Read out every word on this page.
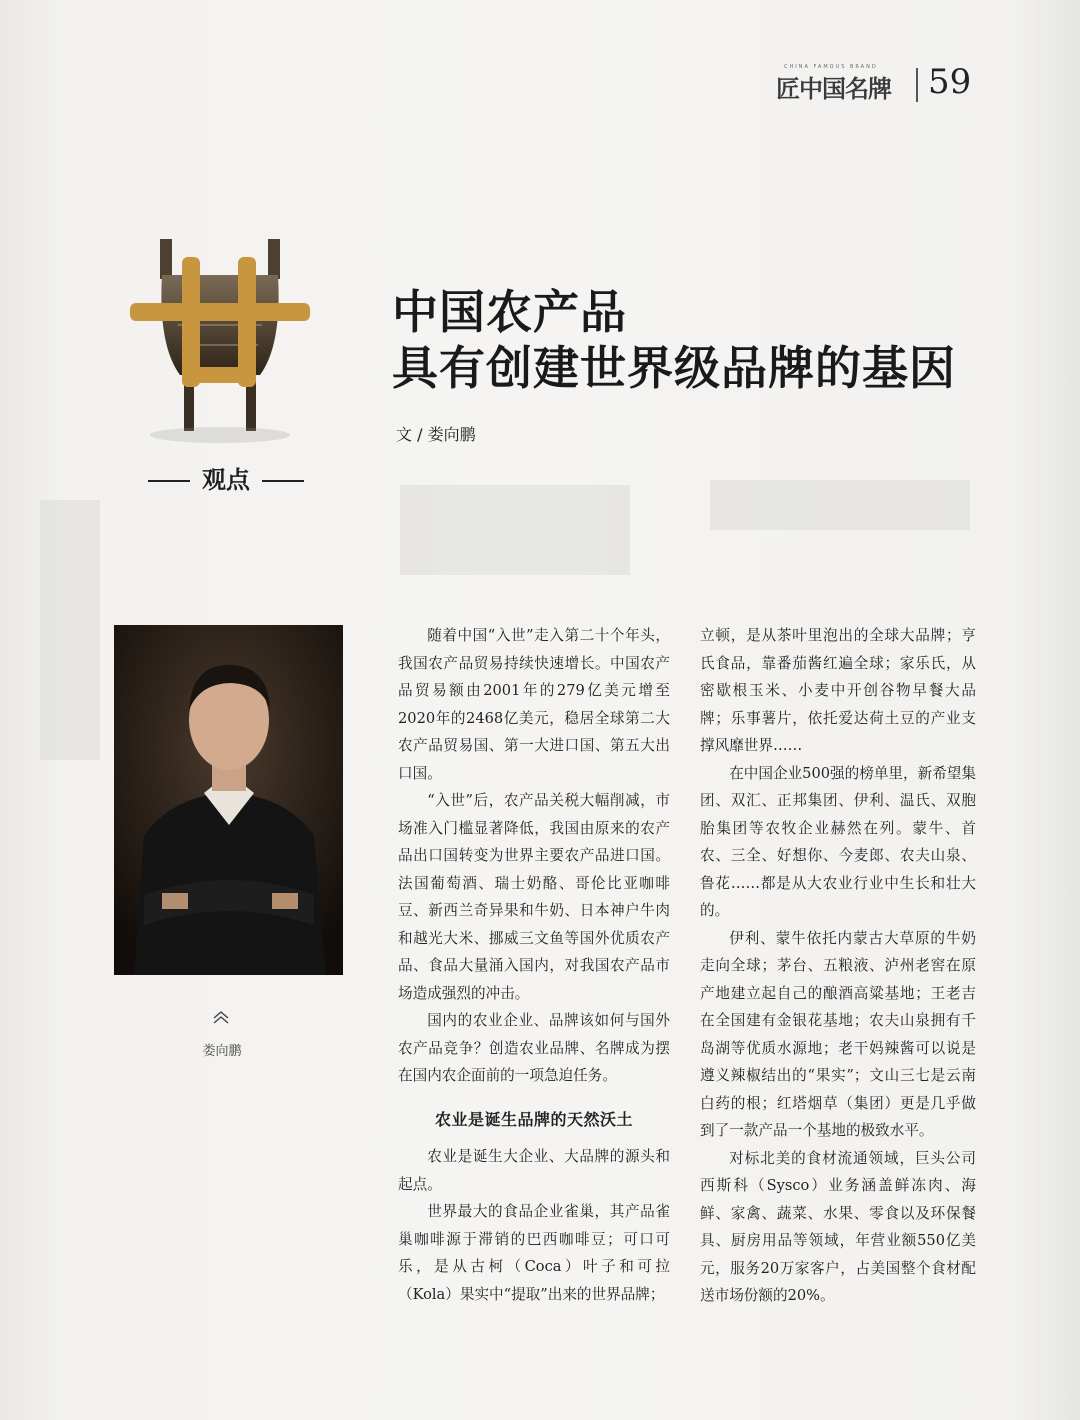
CHINA FAMOUS BRAND
匠中国名牌 59
观点
中国农产品
具有创建世界级品牌的基因
文 / 娄向鹏
娄向鹏

随着中国“入世”走入第二十个年头，我国农产品贸易持续快速增长。中国农产品贸易额由2001年的279亿美元增至2020年的2468亿美元，稳居全球第二大农产品贸易国、第一大进口国、第五大出口国。

“入世”后，农产品关税大幅削减，市场准入门槛显著降低，我国由原来的农产品出口国转变为世界主要农产品进口国。法国葡萄酒、瑞士奶酪、哥伦比亚咖啡豆、新西兰奇异果和牛奶、日本神户牛肉和越光大米、挪威三文鱼等国外优质农产品、食品大量涌入国内，对我国农产品市场造成强烈的冲击。

国内的农业企业、品牌该如何与国外农产品竞争？创造农业品牌、名牌成为摆在国内农企面前的一项急迫任务。

农业是诞生品牌的天然沃土

农业是诞生大企业、大品牌的源头和起点。

世界最大的食品企业雀巢，其产品雀巢咖啡源于滞销的巴西咖啡豆；可口可乐，是从古柯（Coca）叶子和可拉（Kola）果实中“提取”出来的世界品牌；

立顿，是从茶叶里泡出的全球大品牌；亨氏食品，靠番茄酱红遍全球；家乐氏，从密歇根玉米、小麦中开创谷物早餐大品牌；乐事薯片，依托爱达荷土豆的产业支撑风靡世界……

在中国企业500强的榜单里，新希望集团、双汇、正邦集团、伊利、温氏、双胞胎集团等农牧企业赫然在列。蒙牛、首农、三全、好想你、今麦郎、农夫山泉、鲁花……都是从大农业行业中生长和壮大的。

伊利、蒙牛依托内蒙古大草原的牛奶走向全球；茅台、五粮液、泸州老窖在原产地建立起自己的酿酒高粱基地；王老吉在全国建有金银花基地；农夫山泉拥有千岛湖等优质水源地；老干妈辣酱可以说是遵义辣椒结出的“果实”；文山三七是云南白药的根；红塔烟草（集团）更是几乎做到了一款产品一个基地的极致水平。

对标北美的食材流通领域，巨头公司西斯科（Sysco）业务涵盖鲜冻肉、海鲜、家禽、蔬菜、水果、零食以及环保餐具、厨房用品等领域，年营业额550亿美元，服务20万家客户，占美国整个食材配送市场份额的20%。
